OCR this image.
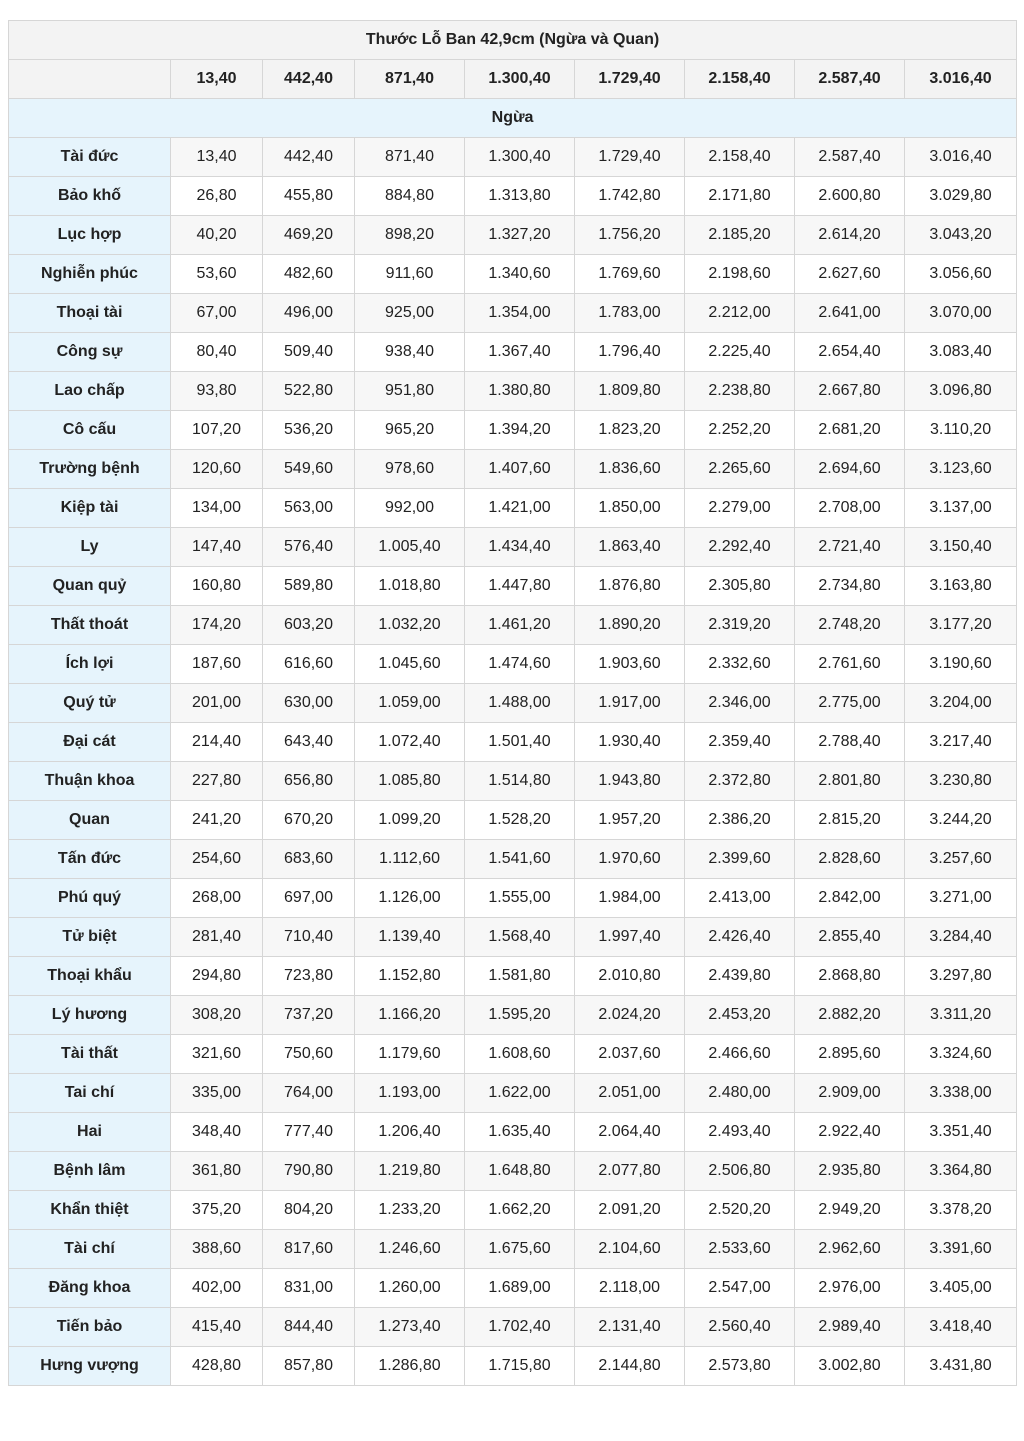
Thước Lỗ Ban 42,9cm (Ngừa và Quan)								
	13,40	442,40	871,40	1.300,40	1.729,40	2.158,40	2.587,40	3.016,40
Ngừa								
Tài đức	13,40	442,40	871,40	1.300,40	1.729,40	2.158,40	2.587,40	3.016,40
Bảo khố	26,80	455,80	884,80	1.313,80	1.742,80	2.171,80	2.600,80	3.029,80
Lục hợp	40,20	469,20	898,20	1.327,20	1.756,20	2.185,20	2.614,20	3.043,20
Nghiễn phúc	53,60	482,60	911,60	1.340,60	1.769,60	2.198,60	2.627,60	3.056,60
Thoại tài	67,00	496,00	925,00	1.354,00	1.783,00	2.212,00	2.641,00	3.070,00
Công sự	80,40	509,40	938,40	1.367,40	1.796,40	2.225,40	2.654,40	3.083,40
Lao chấp	93,80	522,80	951,80	1.380,80	1.809,80	2.238,80	2.667,80	3.096,80
Cô cấu	107,20	536,20	965,20	1.394,20	1.823,20	2.252,20	2.681,20	3.110,20
Trường bệnh	120,60	549,60	978,60	1.407,60	1.836,60	2.265,60	2.694,60	3.123,60
Kiệp tài	134,00	563,00	992,00	1.421,00	1.850,00	2.279,00	2.708,00	3.137,00
Ly	147,40	576,40	1.005,40	1.434,40	1.863,40	2.292,40	2.721,40	3.150,40
Quan quỷ	160,80	589,80	1.018,80	1.447,80	1.876,80	2.305,80	2.734,80	3.163,80
Thất thoát	174,20	603,20	1.032,20	1.461,20	1.890,20	2.319,20	2.748,20	3.177,20
Ích lợi	187,60	616,60	1.045,60	1.474,60	1.903,60	2.332,60	2.761,60	3.190,60
Quý tử	201,00	630,00	1.059,00	1.488,00	1.917,00	2.346,00	2.775,00	3.204,00
Đại cát	214,40	643,40	1.072,40	1.501,40	1.930,40	2.359,40	2.788,40	3.217,40
Thuận khoa	227,80	656,80	1.085,80	1.514,80	1.943,80	2.372,80	2.801,80	3.230,80
Quan	241,20	670,20	1.099,20	1.528,20	1.957,20	2.386,20	2.815,20	3.244,20
Tấn đức	254,60	683,60	1.112,60	1.541,60	1.970,60	2.399,60	2.828,60	3.257,60
Phú quý	268,00	697,00	1.126,00	1.555,00	1.984,00	2.413,00	2.842,00	3.271,00
Tử biệt	281,40	710,40	1.139,40	1.568,40	1.997,40	2.426,40	2.855,40	3.284,40
Thoại khẩu	294,80	723,80	1.152,80	1.581,80	2.010,80	2.439,80	2.868,80	3.297,80
Lý hương	308,20	737,20	1.166,20	1.595,20	2.024,20	2.453,20	2.882,20	3.311,20
Tài thất	321,60	750,60	1.179,60	1.608,60	2.037,60	2.466,60	2.895,60	3.324,60
Tai chí	335,00	764,00	1.193,00	1.622,00	2.051,00	2.480,00	2.909,00	3.338,00
Hai	348,40	777,40	1.206,40	1.635,40	2.064,40	2.493,40	2.922,40	3.351,40
Bệnh lâm	361,80	790,80	1.219,80	1.648,80	2.077,80	2.506,80	2.935,80	3.364,80
Khẩn thiệt	375,20	804,20	1.233,20	1.662,20	2.091,20	2.520,20	2.949,20	3.378,20
Tài chí	388,60	817,60	1.246,60	1.675,60	2.104,60	2.533,60	2.962,60	3.391,60
Đăng khoa	402,00	831,00	1.260,00	1.689,00	2.118,00	2.547,00	2.976,00	3.405,00
Tiến bảo	415,40	844,40	1.273,40	1.702,40	2.131,40	2.560,40	2.989,40	3.418,40
Hưng vượng	428,80	857,80	1.286,80	1.715,80	2.144,80	2.573,80	3.002,80	3.431,80
